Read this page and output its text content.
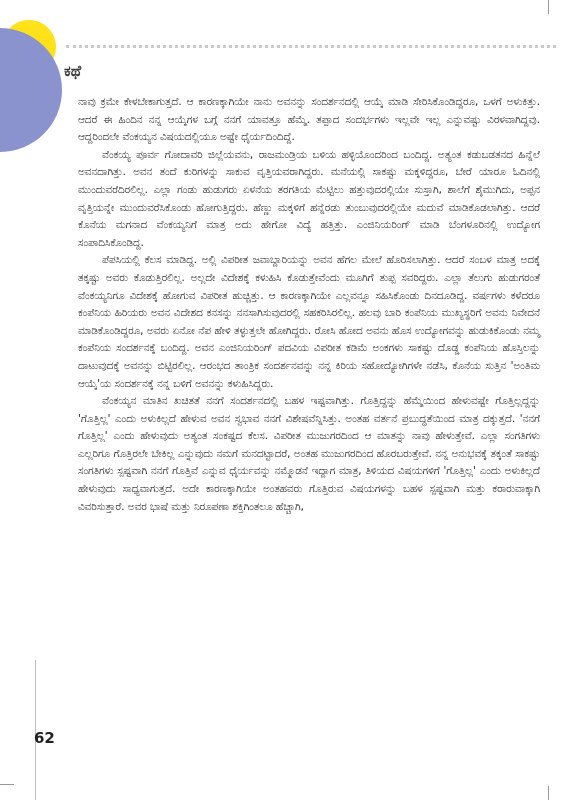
ಕಥೆ

ನಾವು ಕ್ರಮೇ ಕೇಳಬೇಕಾಗುತ್ತದೆ. ಆ ಕಾರಣಕ್ಕಾಗಿಯೇ ನಾನು ಅವನನ್ನು ಸಂದರ್ಶನದಲ್ಲಿ ಆಯ್ಕೆ ಮಾಡಿ ಸೇರಿಸಿಕೊಂಡಿದ್ದರೂ, ಒಳಗೆ ಅಳುಕಿತ್ತು. ಆದರೆ ಈ ಹಿಂದಿನ ನನ್ನ ಆಯ್ಕೆಗಳ ಬಗ್ಗೆ ನನಗೆ ಯಾವತ್ತೂ ಹೆಮ್ಮೆ. ತಪ್ಪಾದ ಸಂದರ್ಭಗಳು ಇಲ್ಲವೇ ಇಲ್ಲ ಎನ್ನುವಷ್ಟು ವಿರಳವಾಗಿದ್ದವು. ಆದ್ದರಿಂದಲೇ ವೆಂಕಯ್ಯನ ವಿಷಯದಲ್ಲಿಯೂ ಅಷ್ಟೇ ಧೈರ್ಯದಿಂದಿದ್ದೆ.

ವೆಂಕಯ್ಯ ಪೂರ್ವ ಗೋದಾವರಿ ಜಿಲ್ಲೆಯವನು, ರಾಜಮಂಡ್ರಿಯ ಬಳಿಯ ಹಳ್ಳಿಯೊಂದರಿಂದ ಬಂದಿದ್ದ. ಅತ್ಯಂತ ಕಡುಬಡತನದ ಹಿನ್ನೆಲೆ ಅವನದಾಗಿತ್ತು. ಅವನ ತಂದೆ ಕುರಿಗಳನ್ನು ಸಾಕುವ ವೃತ್ತಿಯವರಾಗಿದ್ದರು. ಮನೆಯಲ್ಲಿ ಸಾಕಷ್ಟು ಮಕ್ಕಳಿದ್ದರೂ, ಬೇರೆ ಯಾರೂ ಓದಿನಲ್ಲಿ ಮುಂದುವರೆದಿರಲಿಲ್ಲ. ಎಲ್ಲಾ ಗಂಡು ಹುಡುಗರು ಏಳನೆಯ ತರಗತಿಯ ಮೆಟ್ಟಿಲು ಹತ್ತುವುದರಲ್ಲಿಯೇ ಸುಸ್ತಾಗಿ, ಶಾಲೆಗೆ ಶೈಮುಗಿದು, ಅಪ್ಪನ ವೃತ್ತಿಯನ್ನೇ ಮುಂದುವರೆಸಿಕೊಂಡು ಹೋಗುತ್ತಿದ್ದರು. ಹೆಣ್ಣು ಮಕ್ಕಳಿಗೆ ಹನ್ನೆರಡು ತುಂಬುವುದರಲ್ಲಿಯೇ ಮದುವೆ ಮಾಡಿಕೊಡಲಾಗಿತ್ತು. ಆದರೆ ಕೊನೆಯ ಮಗನಾದ ವೆಂಕಯ್ಯನಿಗೆ ಮಾತ್ರ ಅದು ಹೇಗೋ ವಿದ್ಯೆ ಹತ್ತಿತ್ತು. ಎಂಜಿನಿಯರಿಂಗ್ ಮಾಡಿ ಬೆಂಗಳೂರಿನಲ್ಲಿ ಉದ್ಯೋಗ ಸಂಪಾದಿಸಿಕೊಂಡಿದ್ದ.

ಪೆಪಸಿಯಲ್ಲಿ ಕೆಲಸ ಮಾಡಿದ್ದ. ಅಲ್ಲಿ ವಿಪರೀತ ಜವಾಬ್ದಾರಿಯನ್ನು ಅವನ ಹೆಗಲ ಮೇಲೆ ಹೊರಿಸಲಾಗಿತ್ತು. ಆದರೆ ಸಂಬಳ ಮಾತ್ರ ಅದಕ್ಕೆ ತಕ್ಕಷ್ಟು ಅವರು ಕೊಡುತ್ತಿರಲಿಲ್ಲ. ಅಲ್ಲದೇ ವಿದೇಶಕ್ಕೆ ಕಳುಹಿಸಿ ಕೊಡುತ್ತೇವೆಂದು ಮೂಗಿಗೆ ತುಪ್ಪ ಸವರಿದ್ದರು. ಎಲ್ಲಾ ತೆಲುಗು ಹುಡುಗರಂತೆ ವೆಂಕಯ್ಯನಿಗೂ ವಿದೇಶಕ್ಕೆ ಹೋಗುವ ವಿಪರೀತ ಹುಚ್ಚಿತ್ತು. ಆ ಕಾರಣಕ್ಕಾಗಿಯೇ ಎಲ್ಲವನ್ನೂ ಸಹಿಸಿಕೊಂಡು ದಿನದೂಡಿದ್ದ. ವರ್ಷಗಳು ಕಳೆದರೂ ಕಂಪೆನಿಯ ಹಿರಿಯರು ಅವನ ವಿದೇಶದ ಕನಸನ್ನು ನನಸಾಗಿಸುವುದರಲ್ಲಿ ಸಹಕರಿಸಿರಲಿಲ್ಲ. ಹಲವು ಬಾರಿ ಕಂಪೆನಿಯ ಮುಖ್ಯಸ್ಥರಿಗೆ ಅವನು ನಿವೇದನೆ ಮಾಡಿಕೊಂಡಿದ್ದರೂ, ಅವರು ಏನೋ ನೆಪ ಹೇಳಿ ತಳ್ಳುತ್ತಲೇ ಹೋಗಿದ್ದರು. ರೋಸಿ ಹೋದ ಅವನು ಹೊಸ ಉದ್ಯೋಗವನ್ನು ಹುಡುಕಿಕೊಂಡು ನಮ್ಮ ಕಂಪೆನಿಯ ಸಂದರ್ಶನಕ್ಕೆ ಬಂದಿದ್ದ. ಅವನ ಎಂಜಿನಿಯರಿಂಗ್ ಪದವಿಯ ವಿಪರೀತ ಕಡಿಮೆ ಅಂಕಗಳು ಸಾಕಷ್ಟು ದೊಡ್ಡ ಕಂಪೆನಿಯ ಹೊಸ್ತಿಲನ್ನು ದಾಟುವುದಕ್ಕೆ ಅವನನ್ನು ಬಿಟ್ಟಿರಲಿಲ್ಲ. ಆರಂಭದ ತಾಂತ್ರಿಕ ಸಂದರ್ಶನವನ್ನು ನನ್ನ ಕಿರಿಯ ಸಹೋದ್ಯೋಗಿಗಳೇ ನಡೆಸಿ, ಕೊನೆಯ ಸುತ್ತಿನ 'ಅಂತಿಮ ಆಯ್ಕೆ'ಯ ಸಂದರ್ಶನಕ್ಕೆ ನನ್ನ ಬಳಿಗೆ ಅವನನ್ನು ಕಳುಹಿಸಿದ್ದರು.

ವೆಂಕಯ್ಯನ ಮಾತಿನ ಖಚಿತತೆ ನನಗೆ ಸಂದರ್ಶನದಲ್ಲಿ ಬಹಳ ಇಷ್ಟವಾಗಿತ್ತು. ಗೊತ್ತಿದ್ದನ್ನು ಹೆಮ್ಮೆಯಿಂದ ಹೇಳುವಷ್ಟೇ ಗೊತ್ತಿಲ್ಲದ್ದನ್ನು 'ಗೊತ್ತಿಲ್ಲ' ಎಂದು ಅಳುಕಿಲ್ಲದೆ ಹೇಳುವ ಅವನ ಸ್ವಭಾವ ನನಗೆ ವಿಶೇಷವೆನ್ನಿಸಿತ್ತು. ಅಂತಹ ವರ್ತನೆ ಪ್ರಬುದ್ಧತೆಯಿಂದ ಮಾತ್ರ ದಕ್ಕುತ್ತದೆ. 'ನನಗೆ ಗೊತ್ತಿಲ್ಲ' ಎಂದು ಹೇಳುವುದು ಅತ್ಯಂತ ಸಂಕಷ್ಟದ ಕೆಲಸ. ವಿಪರೀತ ಮುಜುಗರದಿಂದ ಆ ಮಾತನ್ನು ನಾವು ಹೇಳುತ್ತೇವೆ. ಎಲ್ಲಾ ಸಂಗತಿಗಳು ಎಲ್ಲರಿಗೂ ಗೊತ್ತಿರಲೇ ಬೇಕಿಲ್ಲ ಎನ್ನುವುದು ನಮಗೆ ಮನದಟ್ಟಾದರೆ, ಅಂತಹ ಮುಜುಗರದಿಂದ ಹೊರಬರುತ್ತೇವೆ. ನನ್ನ ಅನುಭವಕ್ಕೆ ತಕ್ಕಂತೆ ಸಾಕಷ್ಟು ಸಂಗತಿಗಳು ಸ್ಪಷ್ಟವಾಗಿ ನನಗೆ ಗೊತ್ತಿವೆ ಎನ್ನುವ ಧೈರ್ಯವನ್ನು ನಮ್ಮೊಡನೆ ಇದ್ದಾಗ ಮಾತ್ರ, ತಿಳಿಯದ ವಿಷಯಗಳಿಗೆ 'ಗೊತ್ತಿಲ್ಲ' ಎಂದು ಅಳುಕಿಲ್ಲದೆ ಹೇಳುವುದು ಸಾಧ್ಯವಾಗುತ್ತದೆ. ಅದೇ ಕಾರಣಕ್ಕಾಗಿಯೇ ಅಂತಹವರು ಗೊತ್ತಿರುವ ವಿಷಯಗಳನ್ನು ಬಹಳ ಸ್ಪಷ್ಟವಾಗಿ ಮತ್ತು ಕರಾರುವಾಕ್ಕಾಗಿ ವಿವರಿಸುತ್ತಾರೆ. ಅವರ ಭಾಷೆ ಮತ್ತು ನಿರೂಪಣಾ ಶಕ್ತಿಗಿಂತಲೂ ಹೆಚ್ಚಾಗಿ,

62
